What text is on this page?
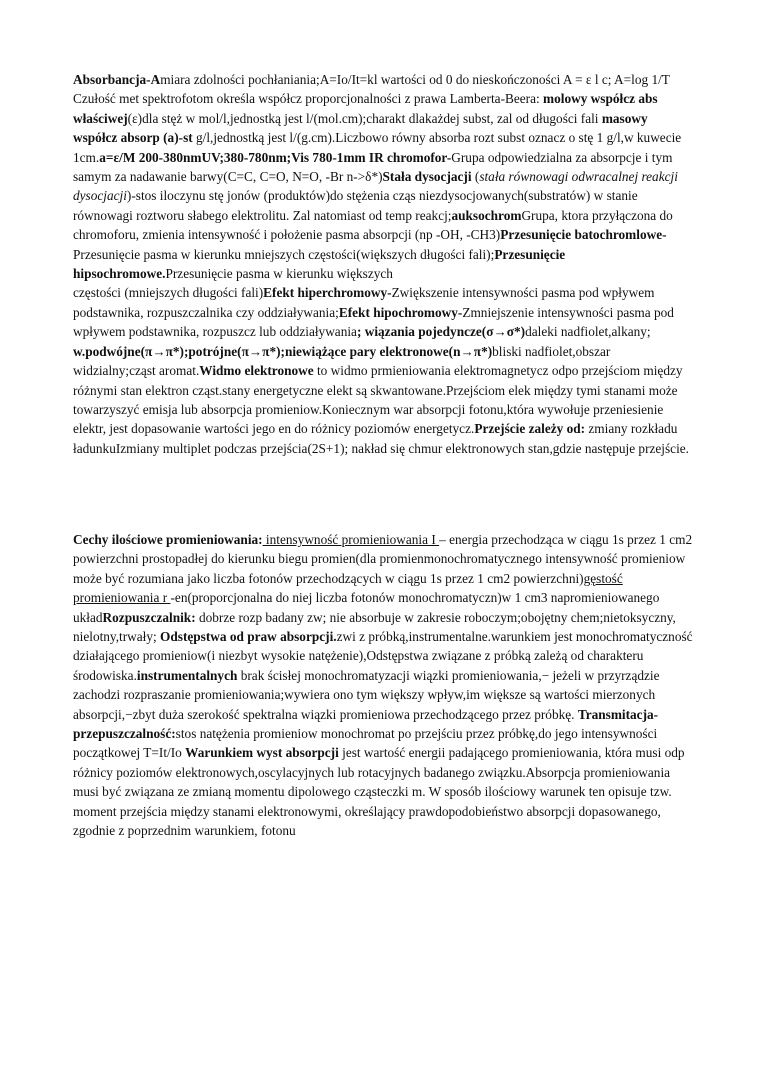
Absorbancja-Amiara zdolności pochłaniania;A=Io/It=kl wartości od 0 do nieskończoności A = ε l c; A=log 1/T Czułość met spektrofotom określa współcz proporcjonalności z prawa Lamberta-Beera: molowy współcz abs właściwej(ε)dla stęż w mol/l,jednostką jest l/(mol.cm);charakt dlakażdej subst, zal od długości fali masowy współcz absorp (a)-st g/l,jednostką jest l/(g.cm).Liczbowo równy absorba rozt subst oznacz o stę 1 g/l,w kuwecie 1cm.a=ε/M 200-380nmUV;380-780nm;Vis 780-1mm IR chromofor-Grupa odpowiedzialna za absorpcje i tym samym za nadawanie barwy(C=C, C=O, N=O, -Br n->δ*)Stała dysocjacji (stała równowagi odwracalnej reakcji dysocjacji)-stos iloczynu stę jonów (produktów)do stężenia cząs niezdysocjowanych(substratów) w stanie równowagi roztworu słabego elektrolitu. Zal natomiast od temp reakcj;auksochromGrupa, ktora przyłączona do chromoforu, zmienia intensywność i położenie pasma absorpcji (np -OH, -CH3)Przesunięcie batochromlowe-Przesunięcie pasma w kierunku mniejszych częstości(większych długości fali);Przesunięcie hipsochromowe.Przesunięcie pasma w kierunku większych
częstości (mniejszych długości fali)Efekt hiperchromowy-Zwiększenie intensywności pasma pod wpływem podstawnika, rozpuszczalnika czy oddziaływania;Efekt hipochromowy-Zmniejszenie intensywności pasma pod wpływem podstawnika, rozpuszcz lub oddziaływania; wiązania pojedyncze(σ→σ*)daleki nadfiolet,alkany; w.podwójne(π→π*);potrójne(π→π*);niewiążące pary elektronowe(n→π*)bliski nadfiolet,obszar widzialny;cząst aromat.Widmo elektronowe to widmo prmieniowania elektromagnetycz odpo przejściom między różnymi stan elektron cząst.stany energetyczne elekt są skwantowane.Przejściom elek między tymi stanami może towarzyszyć emisja lub absorpcja promieniow.Koniecznym war absorpcji fotonu,która wywołuje przeniesienie elektr, jest dopasowanie wartości jego en do różnicy poziomów energetycz.Przejście zależy od: zmiany rozkładu ładunkuIzmiany multiplet podczas przejścia(2S+1); nakład się chmur elektronowych stan,gdzie następuje przejście.

Cechy ilościowe promieniowania: intensywność promieniowania I – energia przechodząca w ciągu 1s przez 1 cm2 powierzchni prostopadłej do kierunku biegu promien(dla promienmonochromatycznego intensywność promieniow może być rozumiana jako liczba fotonów przechodzących w ciągu 1s przez 1 cm2 powierzchni)gęstość promieniowania r -en(proporcjonalna do niej liczba fotonów monochromatyczn)w 1 cm3 napromieniowanego układRozpuszczalnik: dobrze rozp badany zw; nie absorbuje w zakresie roboczym;obojętny chem;nietoksyczny, nielotny,trwały; Odstępstwa od praw absorpcji.zwi z próbką,instrumentalne.warunkiem jest monochromatyczność działającego promieniow(i niezbyt wysokie natężenie),Odstępstwa związane z próbką zależą od charakteru środowiska.instrumentalnych brak ścisłej monochromatyzacji wiązki promieniowania,− jeżeli w przyrządzie zachodzi rozpraszanie promieniowania;wywiera ono tym większy wpływ,im większe są wartości mierzonych absorpcji,−zbyt duża szerokość spektralna wiązki promieniowa przechodzącego przez próbkę. Transmitacja-przepuszczalność:stos natężenia promieniow monochromat po przejściu przez próbkę,do jego intensywności początkowej T=It/Io Warunkiem wyst absorpcji jest wartość energii padającego promieniowania, która musi odp różnicy poziomów elektronowych,oscylacyjnych lub rotacyjnych badanego związku.Absorpcja promieniowania musi być związana ze zmianą momentu dipolowego cząsteczki m. W sposób ilościowy warunek ten opisuje tzw. moment przejścia między stanami elektronowymi, określający prawdopodobieństwo absorpcji dopasowanego,
zgodnie z poprzednim warunkiem, fotonu
